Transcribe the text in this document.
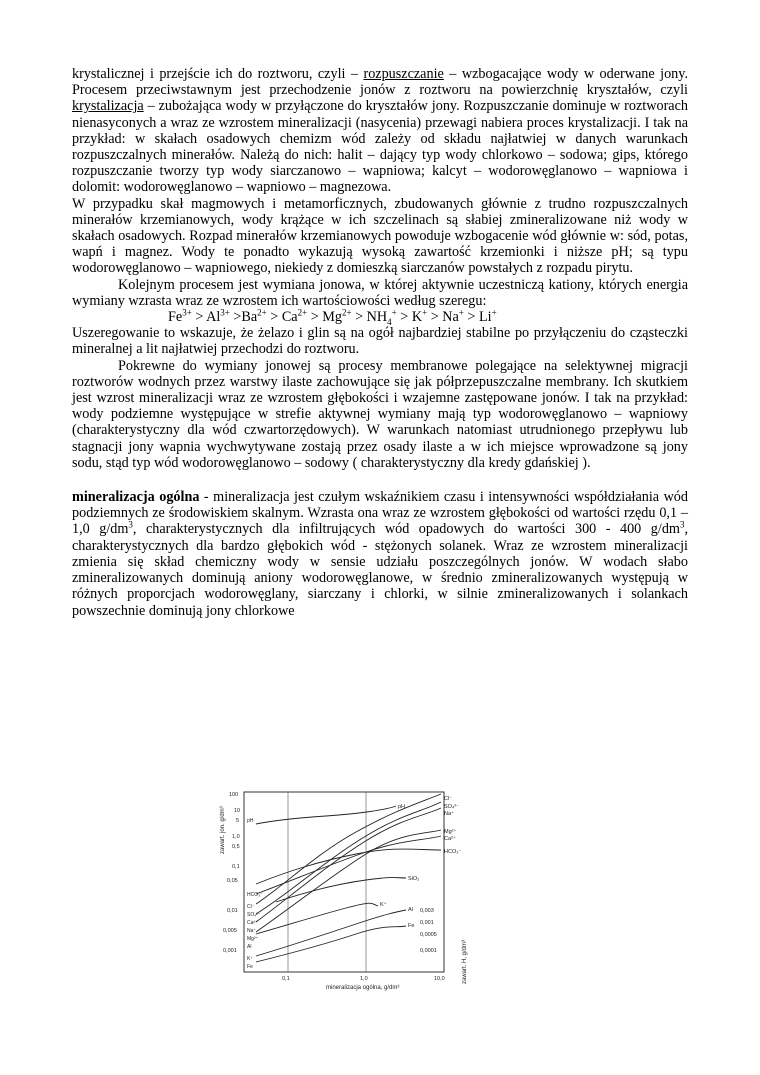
krystalicznej i przejście ich do roztworu, czyli – rozpuszczanie – wzbogacające wody w oderwane jony. Procesem przeciwstawnym jest przechodzenie jonów z roztworu na powierzchnię kryształów, czyli krystalizacja – zubożająca wody w przyłączone do kryształów jony. Rozpuszczanie dominuje w roztworach nienasyconych a wraz ze wzrostem mineralizacji (nasycenia) przewagi nabiera proces krystalizacji. I tak na przykład: w skałach osadowych chemizm wód zależy od składu najłatwiej w danych warunkach rozpuszczalnych minerałów. Należą do nich: halit – dający typ wody chlorkowo – sodowa; gips, którego rozpuszczanie tworzy typ wody siarczanowo – wapniowa; kalcyt – wodorowęglanowo – wapniowa i dolomit: wodorowęglanowo – wapniowo – magnezowa.

W przypadku skał magmowych i metamorficznych, zbudowanych głównie z trudno rozpuszczalnych minerałów krzemianowych, wody krążące w ich szczelinach są słabiej zmineralizowane niż wody w skałach osadowych. Rozpad minerałów krzemianowych powoduje wzbogacenie wód głównie w: sód, potas, wapń i magnez. Wody te ponadto wykazują wysoką zawartość krzemionki i niższe pH; są typu wodorowęglanowo – wapniowego, niekiedy z domieszką siarczanów powstałych z rozpadu pirytu.

Kolejnym procesem jest wymiana jonowa, w której aktywnie uczestniczą kationy, których energia wymiany wzrasta wraz ze wzrostem ich wartościowości według szeregu:

$Fe^{3+} > Al^{3+} >Ba^{2+} > Ca^{2+} > Mg^{2+} > NH_4^+ > K^+ > Na^+ > Li^+$

Uszeregowanie to wskazuje, że żelazo i glin są na ogół najbardziej stabilne po przyłączeniu do cząsteczki mineralnej a lit najłatwiej przechodzi do roztworu.

Pokrewne do wymiany jonowej są procesy membranowe polegające na selektywnej migracji roztworów wodnych przez warstwy ilaste zachowujące się jak półprzepuszczalne membrany. Ich skutkiem jest wzrost mineralizacji wraz ze wzrostem głębokości i wzajemne zastępowane jonów. I tak na przykład: wody podziemne występujące w strefie aktywnej wymiany mają typ wodorowęglanowo – wapniowy (charakterystyczny dla wód czwartorzędowych). W warunkach natomiast utrudnionego przepływu lub stagnacji jony wapnia wychwytywane zostają przez osady ilaste a w ich miejsce wprowadzone są jony sodu, stąd typ wód wodorowęglanowo – sodowy ( charakterystyczny dla kredy gdańskiej ).

mineralizacja ogólna - mineralizacja jest czułym wskaźnikiem czasu i intensywności współdziałania wód podziemnych ze środowiskiem skalnym. Wzrasta ona wraz ze wzrostem głębokości od wartości rzędu 0,1 – 1,0 $g/dm^3$, charakterystycznych dla infiltrujących wód opadowych do wartości 300 - 400 $g/dm^3$, charakterystycznych dla bardzo głębokich wód - stężonych solanek. Wraz ze wzrostem mineralizacji zmienia się skład chemiczny wody w sensie udziału poszczególnych jonów. W wodach słabo zmineralizowanych dominują aniony wodorowęglanowe, w średnio zmineralizowanych występują w różnych proporcjach wodorowęglany, siarczany i chlorki, w silnie zmineralizowanych i solankach powszechnie dominują jony chlorkowe

zawart. jon. g/dm³
zawart. H, g/dm³
100
10
5
1,0
0,5
0,1
0,05
0,01
0,005
0,001
0,003
0,001
0,0005
0,0001
0,1	1,0	10,0
mineralizacja ogólna, g/dm³
Cl⁻
SO₄²⁻
Na⁺
Mg²⁺
Ca²⁺
HCO₃⁻
pH
SiO₂
K⁺
Al
Fe
pH
HCO₃⁻
Cl⁻
SO₄²⁻
Ca²⁺
Na⁺
Mg²⁺
Al
K⁺
Fe
